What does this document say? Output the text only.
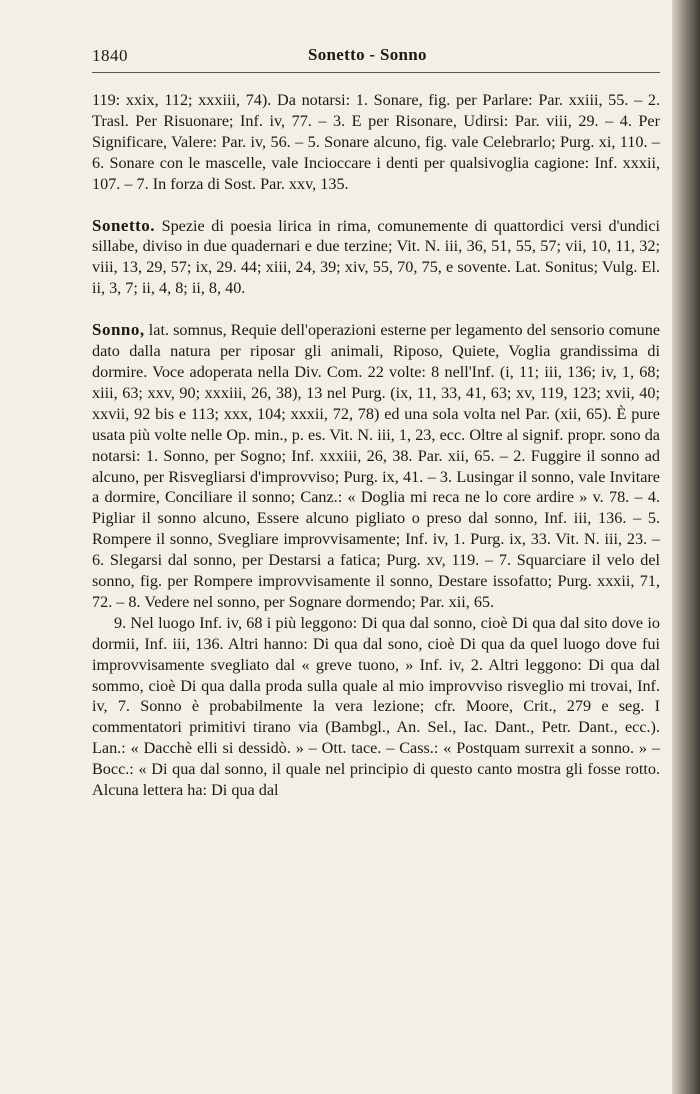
1840	Sonetto - Sonno

119: xxix, 112; xxxiii, 74). Da notarsi: 1. Sonare, fig. per Parlare: Par. xxiii, 55. – 2. Trasl. Per Risuonare; Inf. iv, 77. – 3. E per Risonare, Udirsi: Par. viii, 29. – 4. Per Significare, Valere: Par. iv, 56. – 5. Sonare alcuno, fig. vale Celebrarlo; Purg. xi, 110. – 6. Sonare con le mascelle, vale Incioccare i denti per qualsivoglia cagione: Inf. xxxii, 107. – 7. In forza di Sost. Par. xxv, 135.

Sonetto. Spezie di poesia lirica in rima, comunemente di quattordici versi d'undici sillabe, diviso in due quadernari e due terzine; Vit. N. iii, 36, 51, 55, 57; vii, 10, 11, 32; viii, 13, 29, 57; ix, 29. 44; xiii, 24, 39; xiv, 55, 70, 75, e sovente. Lat. Sonitus; Vulg. El. ii, 3, 7; ii, 4, 8; ii, 8, 40.

Sonno, lat. somnus, Requie dell'operazioni esterne per legamento del sensorio comune dato dalla natura per riposar gli animali, Riposo, Quiete, Voglia grandissima di dormire. Voce adoperata nella Div. Com. 22 volte: 8 nell'Inf. (i, 11; iii, 136; iv, 1, 68; xiii, 63; xxv, 90; xxxiii, 26, 38), 13 nel Purg. (ix, 11, 33, 41, 63; xv, 119, 123; xvii, 40; xxvii, 92 bis e 113; xxx, 104; xxxii, 72, 78) ed una sola volta nel Par. (xii, 65). È pure usata più volte nelle Op. min., p. es. Vit. N. iii, 1, 23, ecc. Oltre al signif. propr. sono da notarsi: 1. Sonno, per Sogno; Inf. xxxiii, 26, 38. Par. xii, 65. – 2. Fuggire il sonno ad alcuno, per Risvegliarsi d'improvviso; Purg. ix, 41. – 3. Lusingar il sonno, vale Invitare a dormire, Conciliare il sonno; Canz.: « Doglia mi reca ne lo core ardire » v. 78. – 4. Pigliar il sonno alcuno, Essere alcuno pigliato o preso dal sonno, Inf. iii, 136. – 5. Rompere il sonno, Svegliare improvvisamente; Inf. iv, 1. Purg. ix, 33. Vit. N. iii, 23. – 6. Slegarsi dal sonno, per Destarsi a fatica; Purg. xv, 119. – 7. Squarciare il velo del sonno, fig. per Rompere improvvisamente il sonno, Destare issofatto; Purg. xxxii, 71, 72. – 8. Vedere nel sonno, per Sognare dormendo; Par. xii, 65.

9. Nel luogo Inf. iv, 68 i più leggono: Di qua dal sonno, cioè Di qua dal sito dove io dormii, Inf. iii, 136. Altri hanno: Di qua dal sono, cioè Di qua da quel luogo dove fui improvvisamente svegliato dal « greve tuono, » Inf. iv, 2. Altri leggono: Di qua dal sommo, cioè Di qua dalla proda sulla quale al mio improvviso risveglio mi trovai, Inf. iv, 7. Sonno è probabilmente la vera lezione; cfr. Moore, Crit., 279 e seg. I commentatori primitivi tirano via (Bambgl., An. Sel., Iac. Dant., Petr. Dant., ecc.). Lan.: « Dacchè elli si dessidò. » – Ott. tace. – Cass.: « Postquam surrexit a sonno. » – Bocc.: « Di qua dal sonno, il quale nel principio di questo canto mostra gli fosse rotto. Alcuna lettera ha: Di qua dal
